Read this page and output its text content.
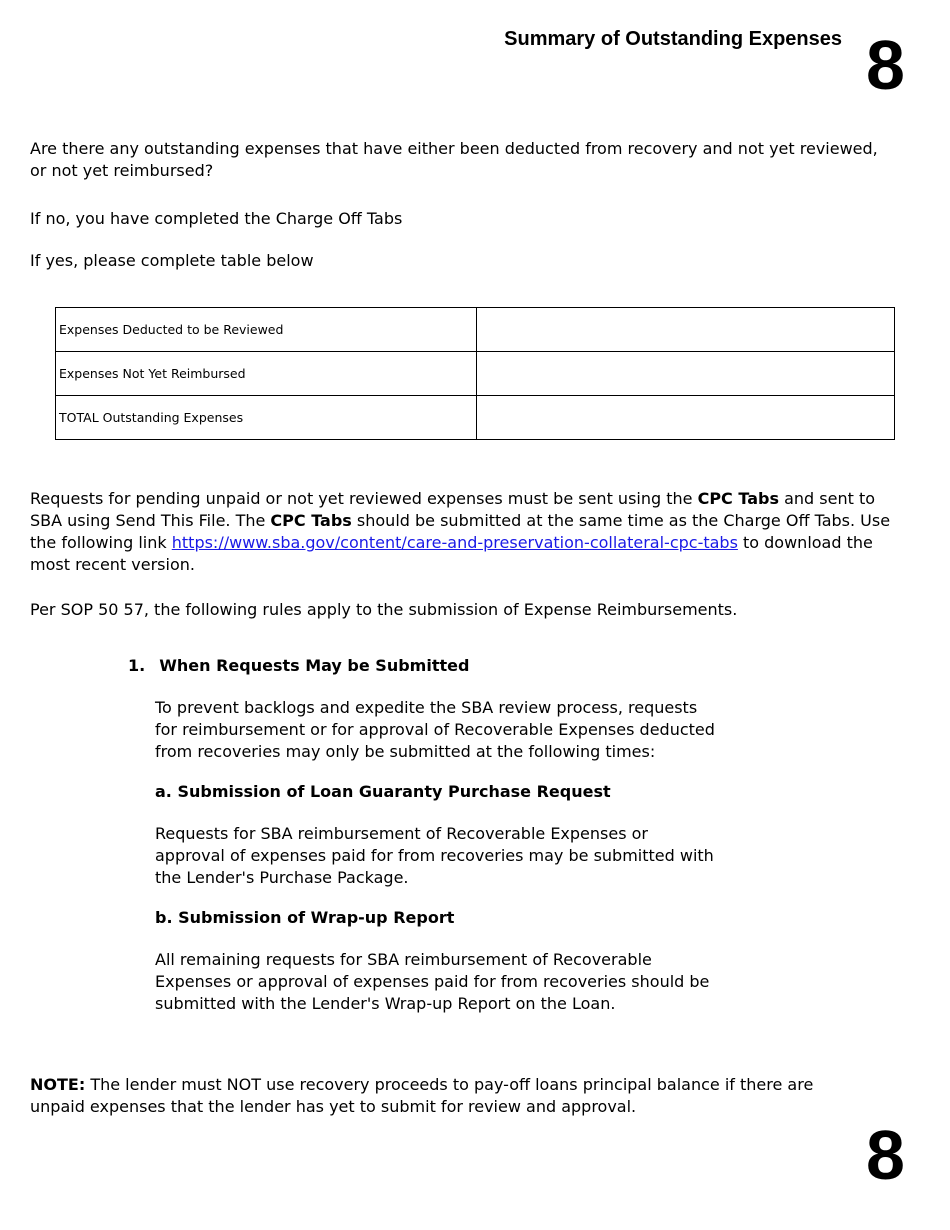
Summary of Outstanding Expenses 8
Are there any outstanding expenses that have either been deducted from recovery and not yet reviewed, or not yet reimbursed?
If no, you have completed the Charge Off Tabs
If yes, please complete table below
Expenses Deducted to be Reviewed	
Expenses Not Yet Reimbursed	
TOTAL Outstanding Expenses	
Requests for pending unpaid or not yet reviewed expenses must be sent using the CPC Tabs and sent to SBA using Send This File. The CPC Tabs should be submitted at the same time as the Charge Off Tabs. Use the following link https://www.sba.gov/content/care-and-preservation-collateral-cpc-tabs to download the most recent version.
Per SOP 50 57, the following rules apply to the submission of Expense Reimbursements.
1. When Requests May be Submitted
To prevent backlogs and expedite the SBA review process, requests for reimbursement or for approval of Recoverable Expenses deducted from recoveries may only be submitted at the following times:
a. Submission of Loan Guaranty Purchase Request
Requests for SBA reimbursement of Recoverable Expenses or approval of expenses paid for from recoveries may be submitted with the Lender's Purchase Package.
b. Submission of Wrap-up Report
All remaining requests for SBA reimbursement of Recoverable Expenses or approval of expenses paid for from recoveries should be submitted with the Lender's Wrap-up Report on the Loan.
NOTE: The lender must NOT use recovery proceeds to pay-off loans principal balance if there are unpaid expenses that the lender has yet to submit for review and approval.
8
